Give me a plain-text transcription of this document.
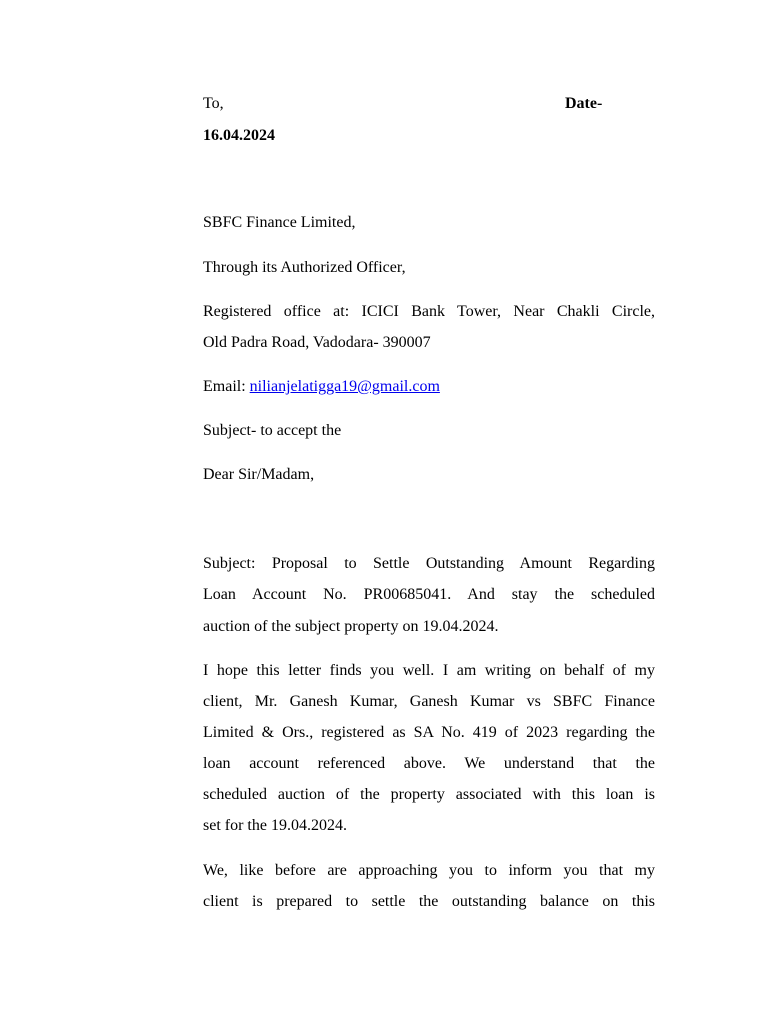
To,	Date-
16.04.2024
SBFC Finance Limited,
Through its Authorized Officer,
Registered office at: ICICI Bank Tower, Near Chakli Circle,
Old Padra Road, Vadodara- 390007
Email: nilianjelatigga19@gmail.com
Subject- to accept the
Dear Sir/Madam,
Subject: Proposal to Settle Outstanding Amount Regarding
Loan Account No. PR00685041. And stay the scheduled
auction of the subject property on 19.04.2024.
I hope this letter finds you well. I am writing on behalf of my
client, Mr. Ganesh Kumar, Ganesh Kumar vs SBFC Finance
Limited & Ors., registered as SA No. 419 of 2023 regarding the
loan account referenced above. We understand that the
scheduled auction of the property associated with this loan is
set for the 19.04.2024.
We, like before are approaching you to inform you that my
client is prepared to settle the outstanding balance on this
